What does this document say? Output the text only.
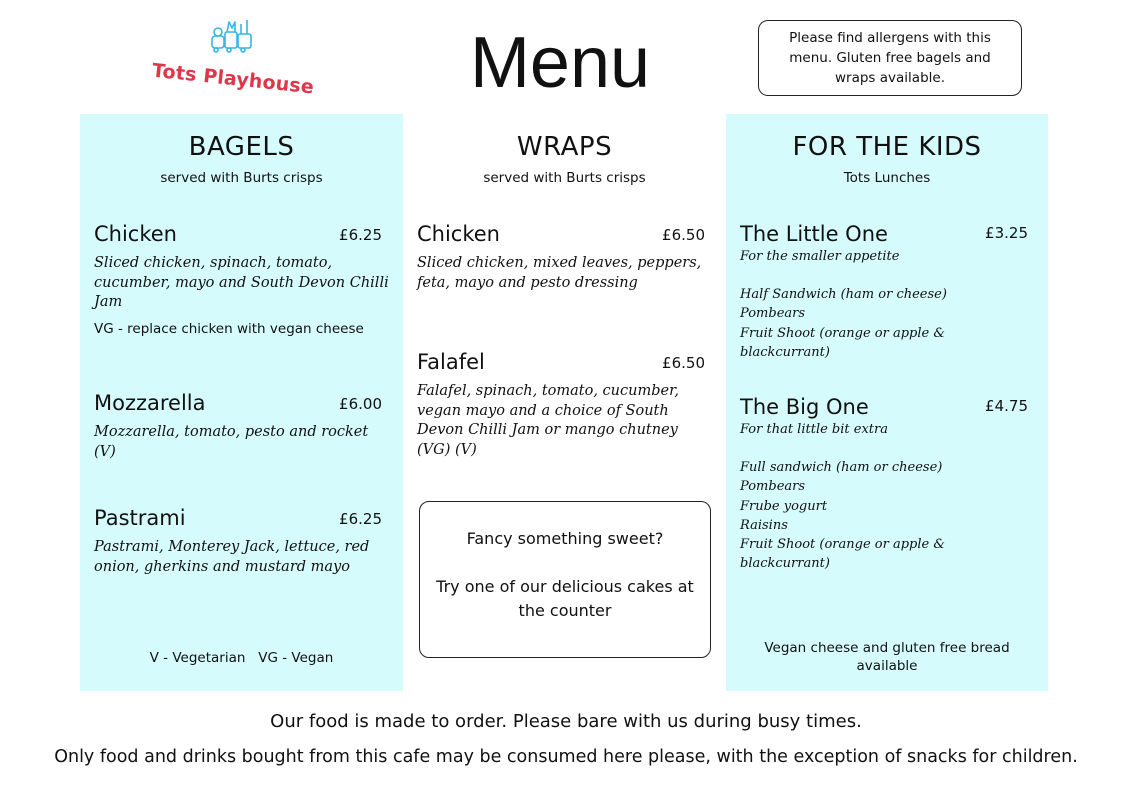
Tots Playhouse	Menu	Please find allergens with this menu. Gluten free bagels and wraps available.
BAGELS
served with Burts crisps
Chicken	£6.25
Sliced chicken, spinach, tomato, cucumber, mayo and South Devon Chilli Jam
VG - replace chicken with vegan cheese
Mozzarella	£6.00
Mozzarella, tomato, pesto and rocket (V)
Pastrami	£6.25
Pastrami, Monterey Jack, lettuce, red onion, gherkins and mustard mayo
V - Vegetarian   VG - Vegan
WRAPS
served with Burts crisps
Chicken	£6.50
Sliced chicken, mixed leaves, peppers, feta, mayo and pesto dressing
Falafel	£6.50
Falafel, spinach, tomato, cucumber, vegan mayo and a choice of South Devon Chilli Jam or mango chutney (VG) (V)
Fancy something sweet?
Try one of our delicious cakes at the counter
FOR THE KIDS
Tots Lunches
The Little One	£3.25
For the smaller appetite
Half Sandwich (ham or cheese)
Pombears
Fruit Shoot (orange or apple & blackcurrant)
The Big One	£4.75
For that little bit extra
Full sandwich (ham or cheese)
Pombears
Frube yogurt
Raisins
Fruit Shoot (orange or apple & blackcurrant)
Vegan cheese and gluten free bread available
Our food is made to order. Please bare with us during busy times.
Only food and drinks bought from this cafe may be consumed here please, with the exception of snacks for children.
